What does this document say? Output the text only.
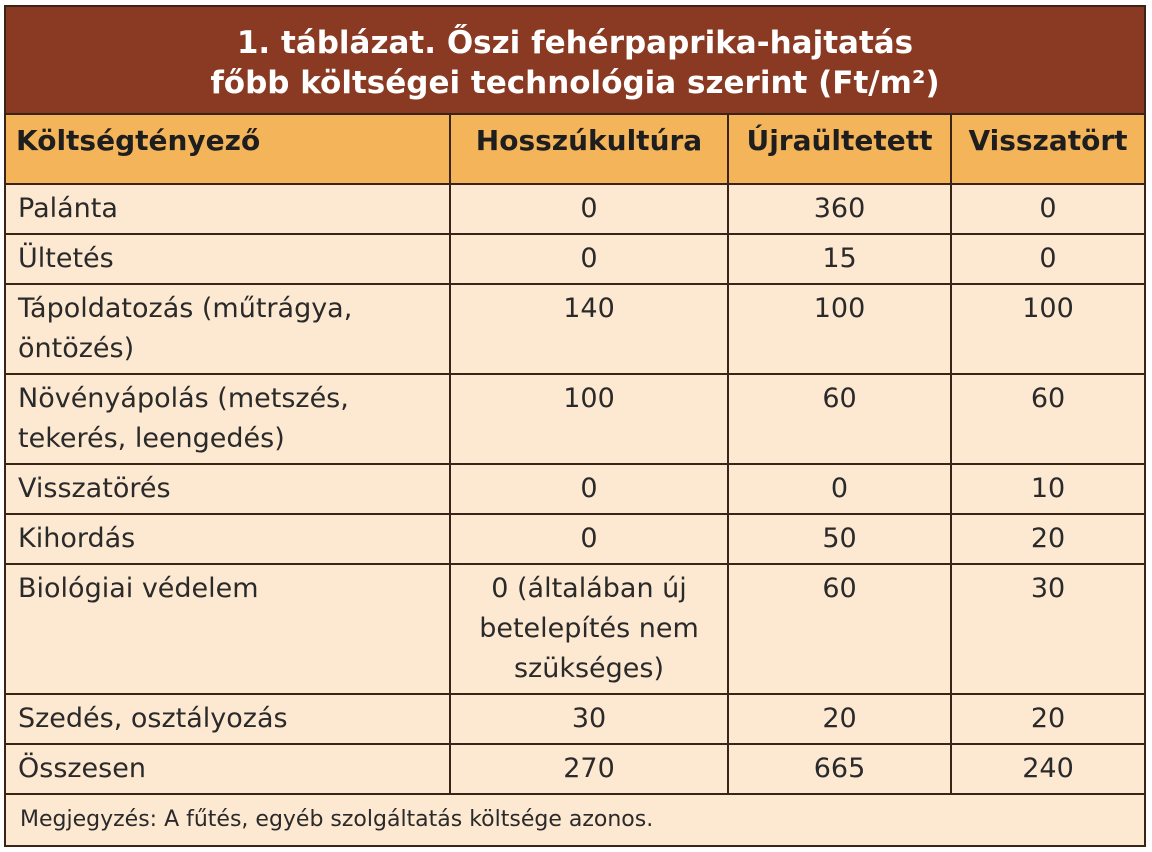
1. táblázat. Őszi fehérpaprika-hajtatás
főbb költségei technológia szerint (Ft/m²)
Költségtényező	Hosszúkultúra	Újraültetett	Visszatört
Palánta	0	360	0
Ültetés	0	15	0
Tápoldatozás (műtrágya, öntözés)	140	100	100
Növényápolás (metszés, tekerés, leengedés)	100	60	60
Visszatörés	0	0	10
Kihordás	0	50	20
Biológiai védelem	0 (általában új betelepítés nem szükséges)	60	30
Szedés, osztályozás	30	20	20
Összesen	270	665	240
Megjegyzés: A fűtés, egyéb szolgáltatás költsége azonos.
